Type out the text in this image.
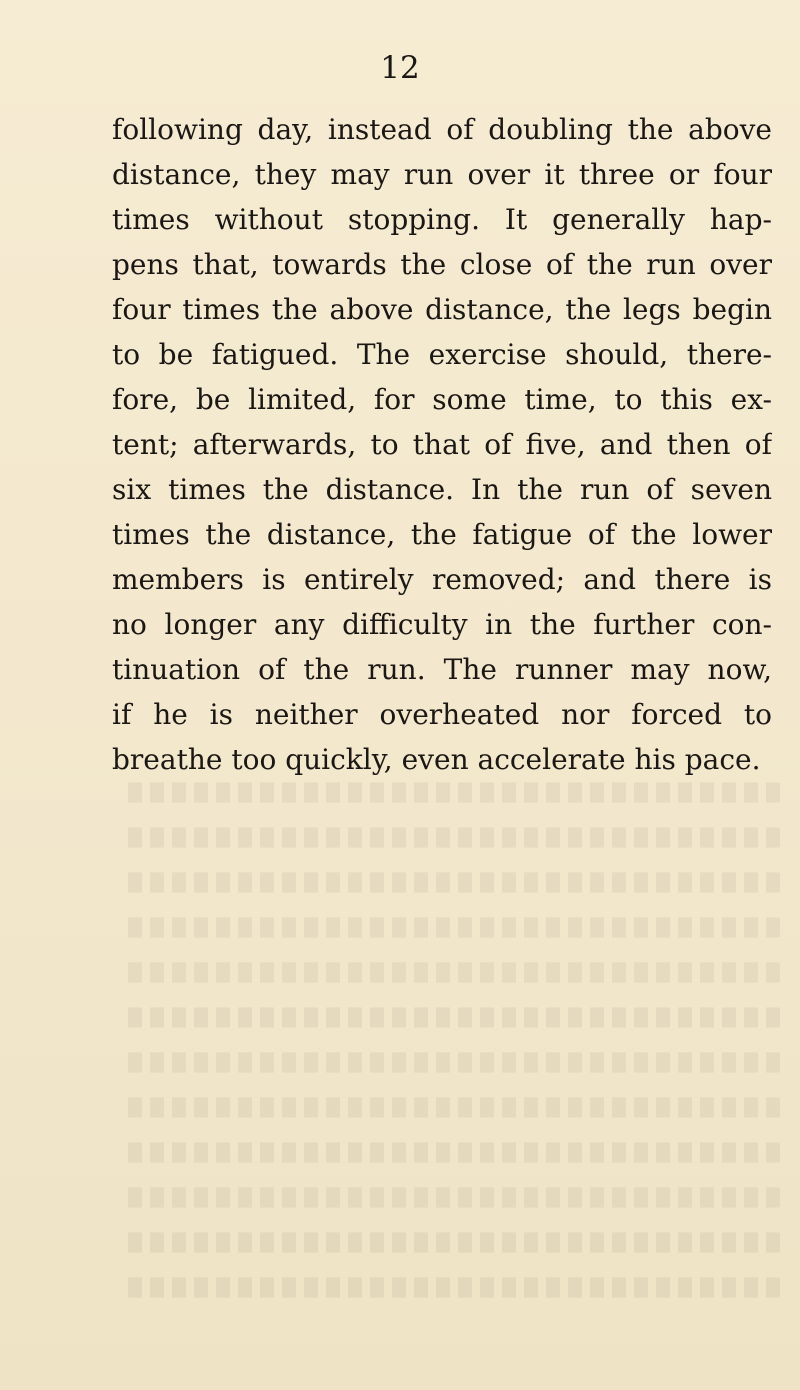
12
following day, instead of doubling the above
distance, they may run over it three or four
times without stopping. It generally hap-
pens that, towards the close of the run over
four times the above distance, the legs begin
to be fatigued. The exercise should, there-
fore, be limited, for some time, to this ex-
tent; afterwards, to that of five, and then of
six times the distance. In the run of seven
times the distance, the fatigue of the lower
members is entirely removed; and there is
no longer any difficulty in the further con-
tinuation of the run. The runner may now,
if he is neither overheated nor forced to
breathe too quickly, even accelerate his pace.
